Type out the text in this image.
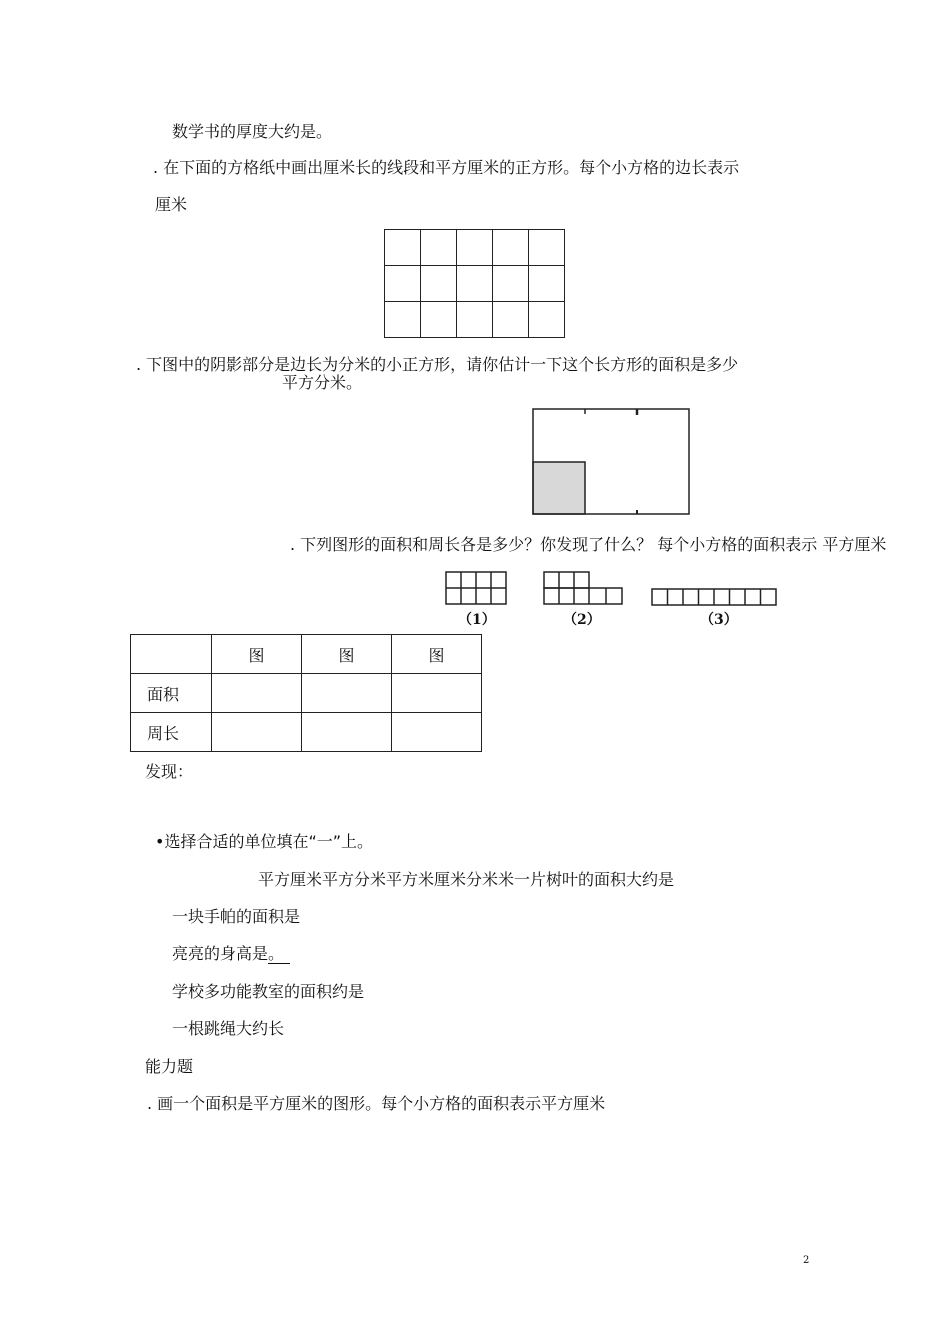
数学书的厚度大约是。
. 在下面的方格纸中画出厘米长的线段和平方厘米的正方形。每个小方格的边长表示
厘米

. 下图中的阴影部分是边长为分米的小正方形，请你估计一下这个长方形的面积是多少
平方分米。
. 下列图形的面积和周长各是多少？你发现了什么？ 每个小方格的面积表示 平方厘米
（1）	（2）	（3）
	图	图	图
面积			
周长			
发现：
•选择合适的单位填在“一”上。
平方厘米平方分米平方米厘米分米米一片树叶的面积大约是
一块手帕的面积是
亮亮的身高是。
学校多功能教室的面积约是
一根跳绳大约长
能力题
. 画一个面积是平方厘米的图形。每个小方格的面积表示平方厘米
2
